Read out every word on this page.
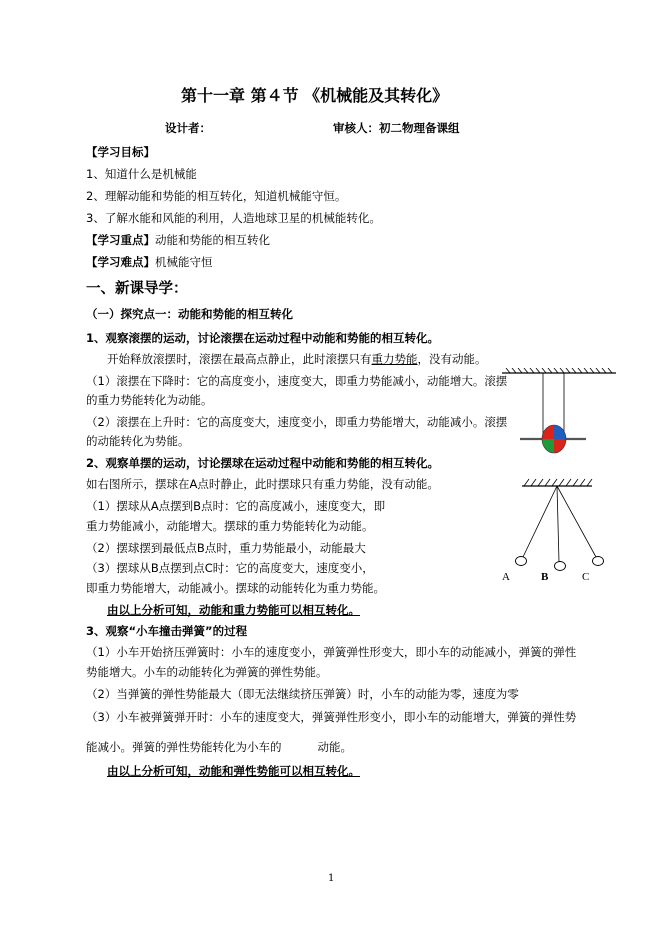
第十一章 第４节 《机械能及其转化》
设计者：	审核人：初二物理备课组
【学习目标】
1、知道什么是机械能
2、理解动能和势能的相互转化，知道机械能守恒。
3、了解水能和风能的利用，人造地球卫星的机械能转化。
【学习重点】动能和势能的相互转化
【学习难点】机械能守恒
一、新课导学：
（一）探究点一：动能和势能的相互转化
1、观察滚摆的运动，讨论滚摆在运动过程中动能和势能的相互转化。
开始释放滚摆时，滚摆在最高点静止，此时滚摆只有重力势能，没有动能。
（1）滚摆在下降时：它的高度变小，速度变大，即重力势能减小，动能增大。滚摆
的重力势能转化为动能。
（2）滚摆在上升时：它的高度变大，速度变小，即重力势能增大，动能减小。滚摆
的动能转化为势能。
2、观察单摆的运动，讨论摆球在运动过程中动能和势能的相互转化。
如右图所示，摆球在A点时静止，此时摆球只有重力势能，没有动能。
（1）摆球从A点摆到B点时：它的高度减小，速度变大，即
重力势能减小，动能增大。摆球的重力势能转化为动能。
（2）摆球摆到最低点B点时，重力势能最小，动能最大
（3）摆球从B点摆到点C时：它的高度变大，速度变小，
即重力势能增大，动能减小。摆球的动能转化为重力势能。
由以上分析可知，动能和重力势能可以相互转化。
3、观察“小车撞击弹簧”的过程
（1）小车开始挤压弹簧时：小车的速度变小，弹簧弹性形变大，即小车的动能减小，弹簧的弹性
势能增大。小车的动能转化为弹簧的弹性势能。
（2）当弹簧的弹性势能最大（即无法继续挤压弹簧）时，小车的动能为零，速度为零
（3）小车被弹簧弹开时：小车的速度变大，弹簧弹性形变小，即小车的动能增大，弹簧的弹性势
能减小。弹簧的弹性势能转化为小车的	动能。
由以上分析可知，动能和弹性势能可以相互转化。
1
A	B	C
